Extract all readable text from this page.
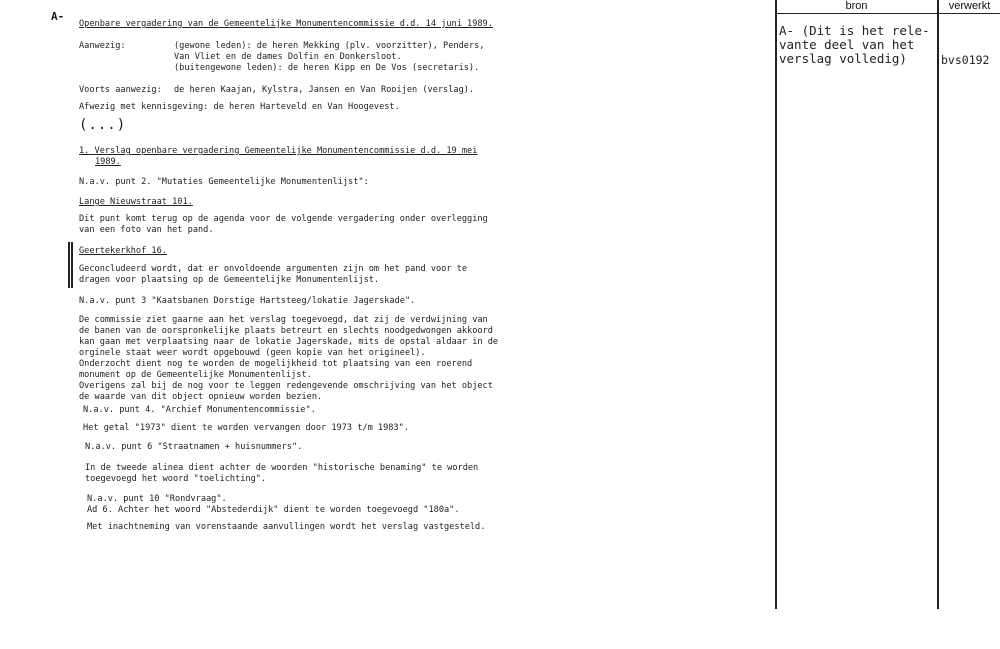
A-
Openbare vergadering van de Gemeentelijke Monumentencommissie d.d. 14 juni 1989.
Aanwezig:	(gewone leden): de heren Mekking (plv. voorzitter), Penders,
Van Vliet en de dames Dolfin en Donkersloot.
(buitengewone leden): de heren Kipp en De Vos (secretaris).
Voorts aanwezig: de heren Kaajan, Kylstra, Jansen en Van Rooijen (verslag).
Afwezig met kennisgeving: de heren Harteveld en Van Hoogevest.
(...)
1. Verslag openbare vergadering Gemeentelijke Monumentencommissie d.d. 19 mei
1989.
N.a.v. punt 2. "Mutaties Gemeentelijke Monumentenlijst":
Lange Nieuwstraat 101.
Dit punt komt terug op de agenda voor de volgende vergadering onder overlegging
van een foto van het pand.
Geertekerkhof 16.
Geconcludeerd wordt, dat er onvoldoende argumenten zijn om het pand voor te
dragen voor plaatsing op de Gemeentelijke Monumentenlijst.
N.a.v. punt 3 "Kaatsbanen Dorstige Hartsteeg/lokatie Jagerskade".
De commissie ziet gaarne aan het verslag toegevoegd, dat zij de verdwijning van
de banen van de oorspronkelijke plaats betreurt en slechts noodgedwongen akkoord
kan gaan met verplaatsing naar de lokatie Jagerskade, mits de opstal aldaar in de
orginele staat weer wordt opgebouwd (geen kopie van het origineel).
Onderzocht dient nog te worden de mogelijkheid tot plaatsing van een roerend
monument op de Gemeentelijke Monumentenlijst.
Overigens zal bij de nog voor te leggen redengevende omschrijving van het object
de waarde van dit object opnieuw worden bezien.
N.a.v. punt 4. "Archief Monumentencommissie".
Het getal "1973" dient te worden vervangen door 1973 t/m 1983".
N.a.v. punt 6 "Straatnamen + huisnummers".
In de tweede alinea dient achter de woorden "historische benaming" te worden
toegevoegd het woord "toelichting".
N.a.v. punt 10 "Rondvraag".
Ad 6. Achter het woord "Abstederdijk" dient te worden toegevoegd "180a".
Met inachtneming van vorenstaande aanvullingen wordt het verslag vastgesteld.
bron	verwerkt
A- (Dit is het rele-
vante deel van het
verslag volledig)	bvs0192
